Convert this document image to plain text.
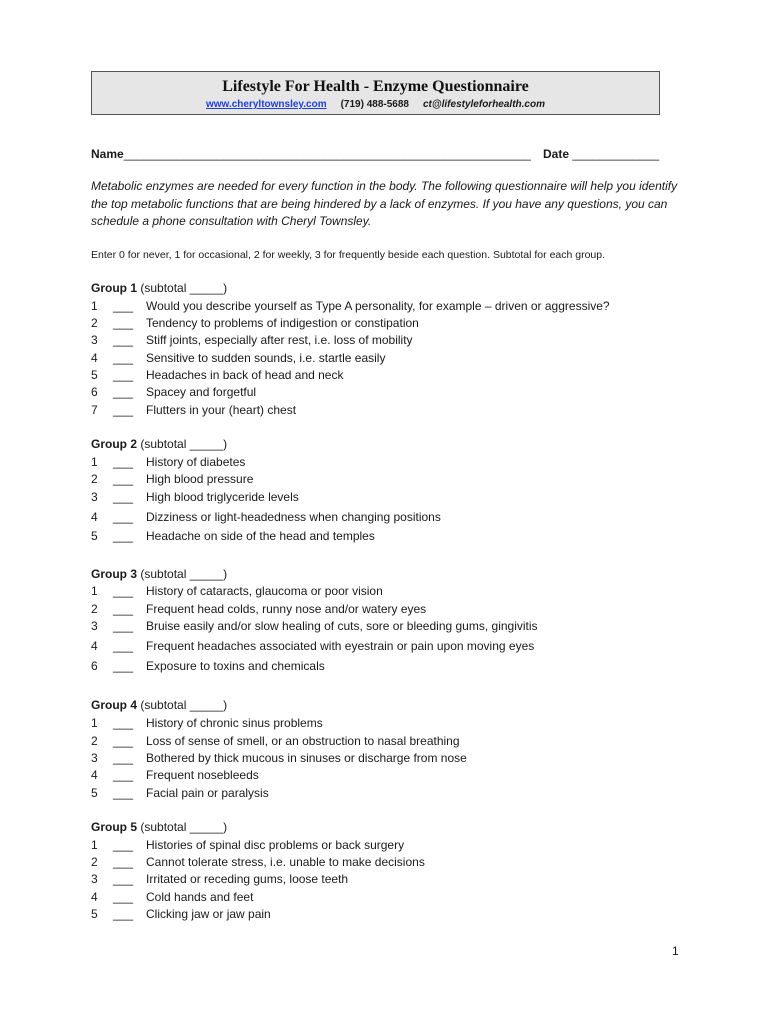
Lifestyle For Health - Enzyme Questionnaire
www.cheryltownsley.com (719) 488-5688 ct@lifestyleforhealth.com
Name_____________________________________________________________ Date _____________
Metabolic enzymes are needed for every function in the body. The following questionnaire will help you identify the top metabolic functions that are being hindered by a lack of enzymes. If you have any questions, you can schedule a phone consultation with Cheryl Townsley.
Enter 0 for never, 1 for occasional, 2 for weekly, 3 for frequently beside each question. Subtotal for each group.
Group 1 (subtotal _____)
1 ___ Would you describe yourself as Type A personality, for example – driven or aggressive?
2 ___ Tendency to problems of indigestion or constipation
3 ___ Stiff joints, especially after rest, i.e. loss of mobility
4 ___ Sensitive to sudden sounds, i.e. startle easily
5 ___ Headaches in back of head and neck
6 ___ Spacey and forgetful
7 ___ Flutters in your (heart) chest
Group 2 (subtotal _____)
1 ___ History of diabetes
2 ___ High blood pressure
3 ___ High blood triglyceride levels
4 ___ Dizziness or light-headedness when changing positions
5 ___ Headache on side of the head and temples
Group 3 (subtotal _____)
1 ___ History of cataracts, glaucoma or poor vision
2 ___ Frequent head colds, runny nose and/or watery eyes
3 ___ Bruise easily and/or slow healing of cuts, sore or bleeding gums, gingivitis
4 ___ Frequent headaches associated with eyestrain or pain upon moving eyes
6 ___ Exposure to toxins and chemicals
Group 4 (subtotal _____)
1 ___ History of chronic sinus problems
2 ___ Loss of sense of smell, or an obstruction to nasal breathing
3 ___ Bothered by thick mucous in sinuses or discharge from nose
4 ___ Frequent nosebleeds
5 ___ Facial pain or paralysis
Group 5 (subtotal _____)
1 ___ Histories of spinal disc problems or back surgery
2 ___ Cannot tolerate stress, i.e. unable to make decisions
3 ___ Irritated or receding gums, loose teeth
4 ___ Cold hands and feet
5 ___ Clicking jaw or jaw pain
1
